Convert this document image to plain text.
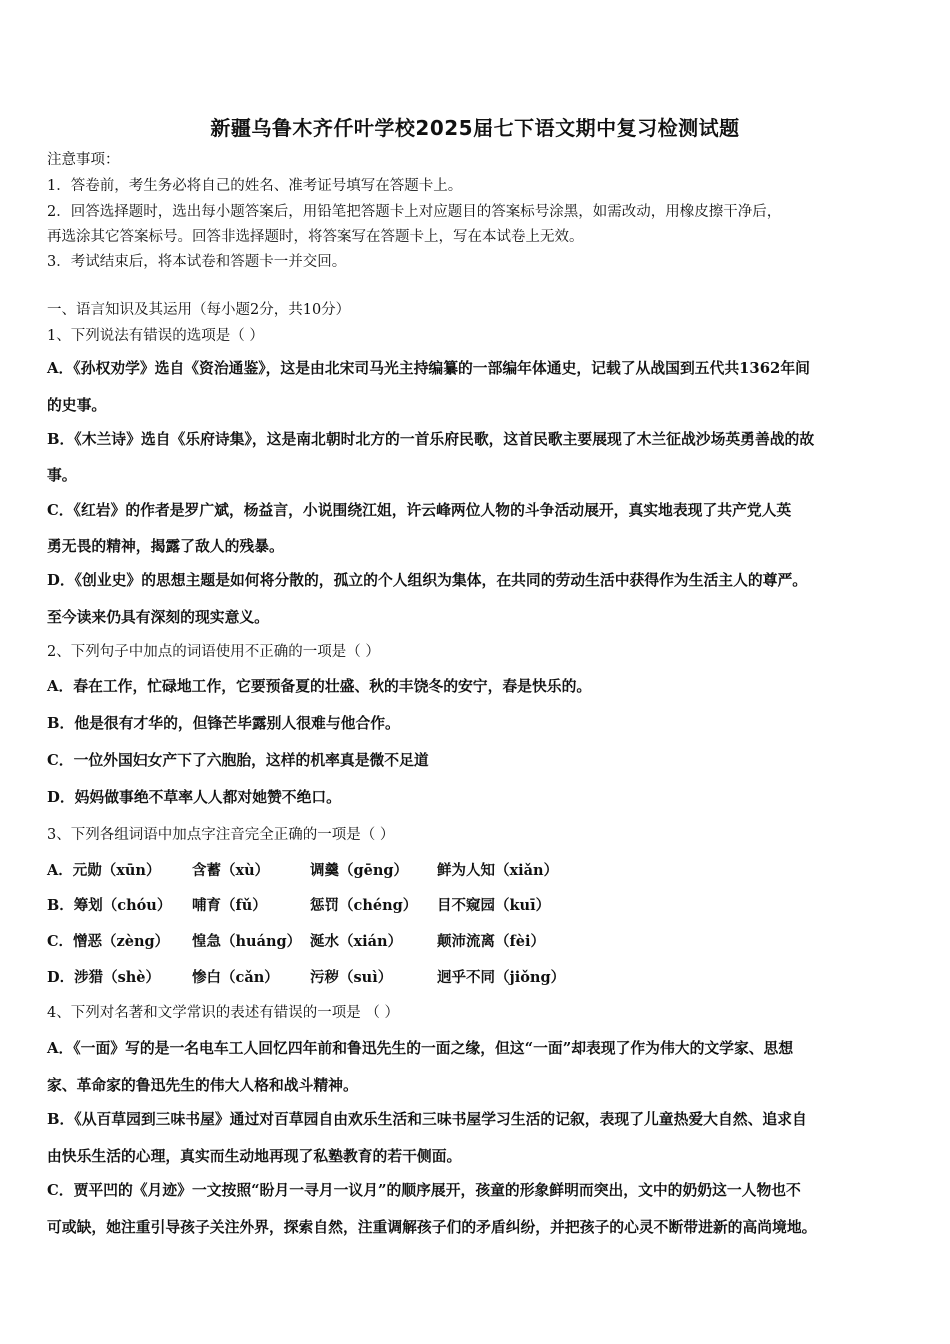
新疆乌鲁木齐仟叶学校2025届七下语文期中复习检测试题
注意事项：
1．答卷前，考生务必将自己的姓名、准考证号填写在答题卡上。
2．回答选择题时，选出每小题答案后，用铅笔把答题卡上对应题目的答案标号涂黑，如需改动，用橡皮擦干净后，
再选涂其它答案标号。回答非选择题时，将答案写在答题卡上，写在本试卷上无效。
3．考试结束后，将本试卷和答题卡一并交回。
一、语言知识及其运用（每小题2分，共10分）
1、下列说法有错误的选项是（ ）
A．《孙权劝学》选自《资治通鉴》，这是由北宋司马光主持编纂的一部编年体通史，记载了从战国到五代共1362年间
的史事。
B．《木兰诗》选自《乐府诗集》，这是南北朝时北方的一首乐府民歌，这首民歌主要展现了木兰征战沙场英勇善战的故
事。
C．《红岩》的作者是罗广斌，杨益言，小说围绕江姐，许云峰两位人物的斗争活动展开，真实地表现了共产党人英
勇无畏的精神，揭露了敌人的残暴。
D．《创业史》的思想主题是如何将分散的，孤立的个人组织为集体，在共同的劳动生活中获得作为生活主人的尊严。
至今读来仍具有深刻的现实意义。
2、下列句子中加点的词语使用不正确的一项是（ ）
A．春在工作，忙碌地工作，它要预备夏的壮盛、秋的丰饶冬的安宁，春是快乐的。
B．他是很有才华的，但锋芒毕露别人很难与他合作。
C．一位外国妇女产下了六胞胎，这样的机率真是微不足道
D．妈妈做事绝不草率人人都对她赞不绝口。
3、下列各组词语中加点字注音完全正确的一项是（ ）
A．元勋（xūn） 含蓄（xù）	调羹（gēng） 鲜为人知（xiǎn）
B．筹划（chóu） 哺育（fǔ）	惩罚（chéng） 目不窥园（kuī）
C．憎恶（zèng） 惶急（huáng） 涎水（xián） 颠沛流离（fèi）
D．涉猎（shè） 惨白（cǎn） 污秽（suì）	迥乎不同（jiǒng）
4、下列对名著和文学常识的表述有错误的一项是 （ ）
A．《一面》写的是一名电车工人回忆四年前和鲁迅先生的一面之缘，但这“一面”却表现了作为伟大的文学家、思想
家、革命家的鲁迅先生的伟大人格和战斗精神。
B．《从百草园到三味书屋》通过对百草园自由欢乐生活和三味书屋学习生活的记叙，表现了儿童热爱大自然、追求自
由快乐生活的心理，真实而生动地再现了私塾教育的若干侧面。
C．贾平凹的《月迹》一文按照“盼月一寻月一议月”的顺序展开，孩童的形象鲜明而突出，文中的奶奶这一人物也不
可或缺，她注重引导孩子关注外界，探索自然，注重调解孩子们的矛盾纠纷，并把孩子的心灵不断带进新的高尚境地。
